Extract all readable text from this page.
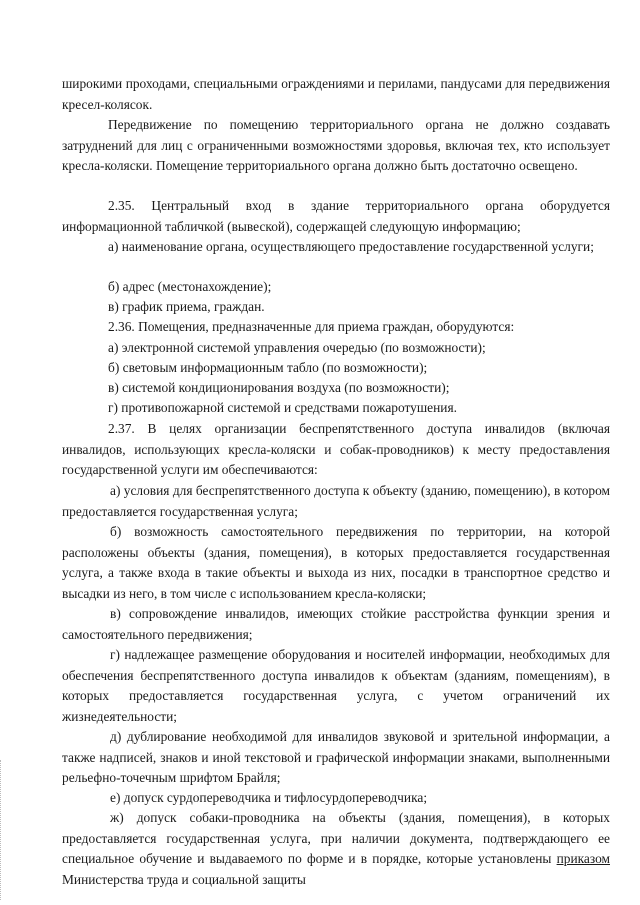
широкими проходами, специальными ограждениями и перилами, пандусами для передвижения кресел-колясок.

Передвижение по помещению территориального органа не должно создавать затруднений для лиц с ограниченными возможностями здоровья, включая тех, кто использует кресла-коляски. Помещение территориального органа должно быть достаточно освещено.

2.35. Центральный вход в здание территориального органа оборудуется информационной табличкой (вывеской), содержащей следующую информацию;

а) наименование органа, осуществляющего предоставление государственной услуги;

б) адрес (местонахождение);

в) график приема, граждан.

2.36. Помещения, предназначенные для приема граждан, оборудуются:

а) электронной системой управления очередью (по возможности);

б) световым информационным табло (по возможности);

в) системой кондиционирования воздуха (по возможности);

г) противопожарной системой и средствами пожаротушения.

2.37. В целях организации беспрепятственного доступа инвалидов (включая инвалидов, использующих кресла-коляски и собак-проводников) к месту предоставления государственной услуги им обеспечиваются:

а) условия для беспрепятственного доступа к объекту (зданию, помещению), в котором предоставляется государственная услуга;

б) возможность самостоятельного передвижения по территории, на которой расположены объекты (здания, помещения), в которых предоставляется государственная услуга, а также входа в такие объекты и выхода из них, посадки в транспортное средство и высадки из него, в том числе с использованием кресла-коляски;

в) сопровождение инвалидов, имеющих стойкие расстройства функции зрения и самостоятельного передвижения;

г) надлежащее размещение оборудования и носителей информации, необходимых для обеспечения беспрепятственного доступа инвалидов к объектам (зданиям, помещениям), в которых предоставляется государственная услуга, с учетом ограничений их жизнедеятельности;

д) дублирование необходимой для инвалидов звуковой и зрительной информации, а также надписей, знаков и иной текстовой и графической информации знаками, выполненными рельефно-точечным шрифтом Брайля;

е) допуск сурдопереводчика и тифлосурдопереводчика;

ж) допуск собаки-проводника на объекты (здания, помещения), в которых предоставляется государственная услуга, при наличии документа, подтверждающего ее специальное обучение и выдаваемого по форме и в порядке, которые установлены приказом Министерства труда и социальной защиты
